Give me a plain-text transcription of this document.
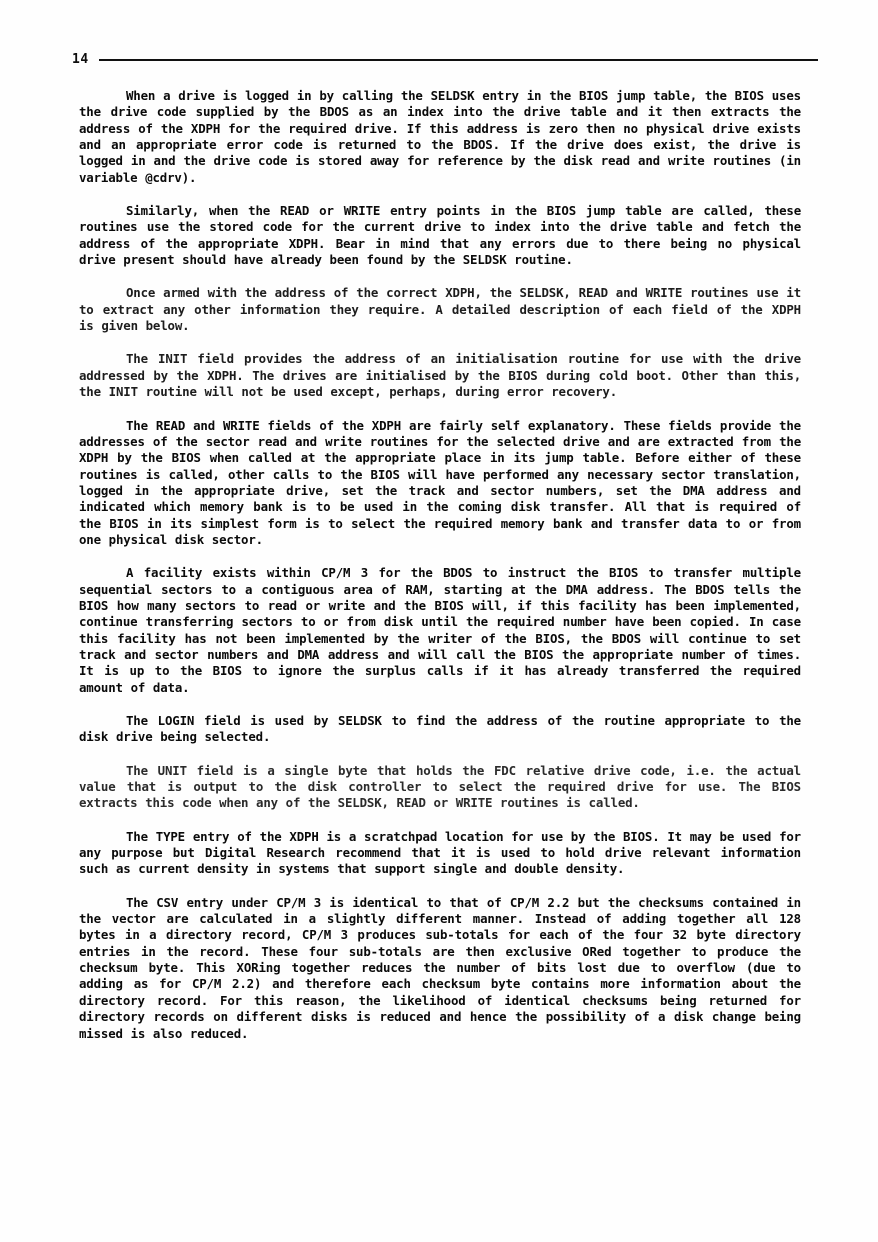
14

When a drive is logged in by calling the SELDSK entry in the BIOS jump table, the BIOS uses the drive code supplied by the BDOS as an index into the drive table and it then extracts the address of the XDPH for the required drive. If this address is zero then no physical drive exists and an appropriate error code is returned to the BDOS. If the drive does exist, the drive is logged in and the drive code is stored away for reference by the disk read and write routines (in variable @cdrv).

Similarly, when the READ or WRITE entry points in the BIOS jump table are called, these routines use the stored code for the current drive to index into the drive table and fetch the address of the appropriate XDPH. Bear in mind that any errors due to there being no physical drive present should have already been found by the SELDSK routine.

Once armed with the address of the correct XDPH, the SELDSK, READ and WRITE routines use it to extract any other information they require. A detailed description of each field of the XDPH is given below.

The INIT field provides the address of an initialisation routine for use with the drive addressed by the XDPH. The drives are initialised by the BIOS during cold boot. Other than this, the INIT routine will not be used except, perhaps, during error recovery.

The READ and WRITE fields of the XDPH are fairly self explanatory. These fields provide the addresses of the sector read and write routines for the selected drive and are extracted from the XDPH by the BIOS when called at the appropriate place in its jump table. Before either of these routines is called, other calls to the BIOS will have performed any necessary sector translation, logged in the appropriate drive, set the track and sector numbers, set the DMA address and indicated which memory bank is to be used in the coming disk transfer. All that is required of the BIOS in its simplest form is to select the required memory bank and transfer data to or from one physical disk sector.

A facility exists within CP/M 3 for the BDOS to instruct the BIOS to transfer multiple sequential sectors to a contiguous area of RAM, starting at the DMA address. The BDOS tells the BIOS how many sectors to read or write and the BIOS will, if this facility has been implemented, continue transferring sectors to or from disk until the required number have been copied. In case this facility has not been implemented by the writer of the BIOS, the BDOS will continue to set track and sector numbers and DMA address and will call the BIOS the appropriate number of times. It is up to the BIOS to ignore the surplus calls if it has already transferred the required amount of data.

The LOGIN field is used by SELDSK to find the address of the routine appropriate to the disk drive being selected.

The UNIT field is a single byte that holds the FDC relative drive code, i.e. the actual value that is output to the disk controller to select the required drive for use. The BIOS extracts this code when any of the SELDSK, READ or WRITE routines is called.

The TYPE entry of the XDPH is a scratchpad location for use by the BIOS. It may be used for any purpose but Digital Research recommend that it is used to hold drive relevant information such as current density in systems that support single and double density.

The CSV entry under CP/M 3 is identical to that of CP/M 2.2 but the checksums contained in the vector are calculated in a slightly different manner. Instead of adding together all 128 bytes in a directory record, CP/M 3 produces sub-totals for each of the four 32 byte directory entries in the record. These four sub-totals are then exclusive ORed together to produce the checksum byte. This XORing together reduces the number of bits lost due to overflow (due to adding as for CP/M 2.2) and therefore each checksum byte contains more information about the directory record. For this reason, the likelihood of identical checksums being returned for directory records on different disks is reduced and hence the possibility of a disk change being missed is also reduced.
